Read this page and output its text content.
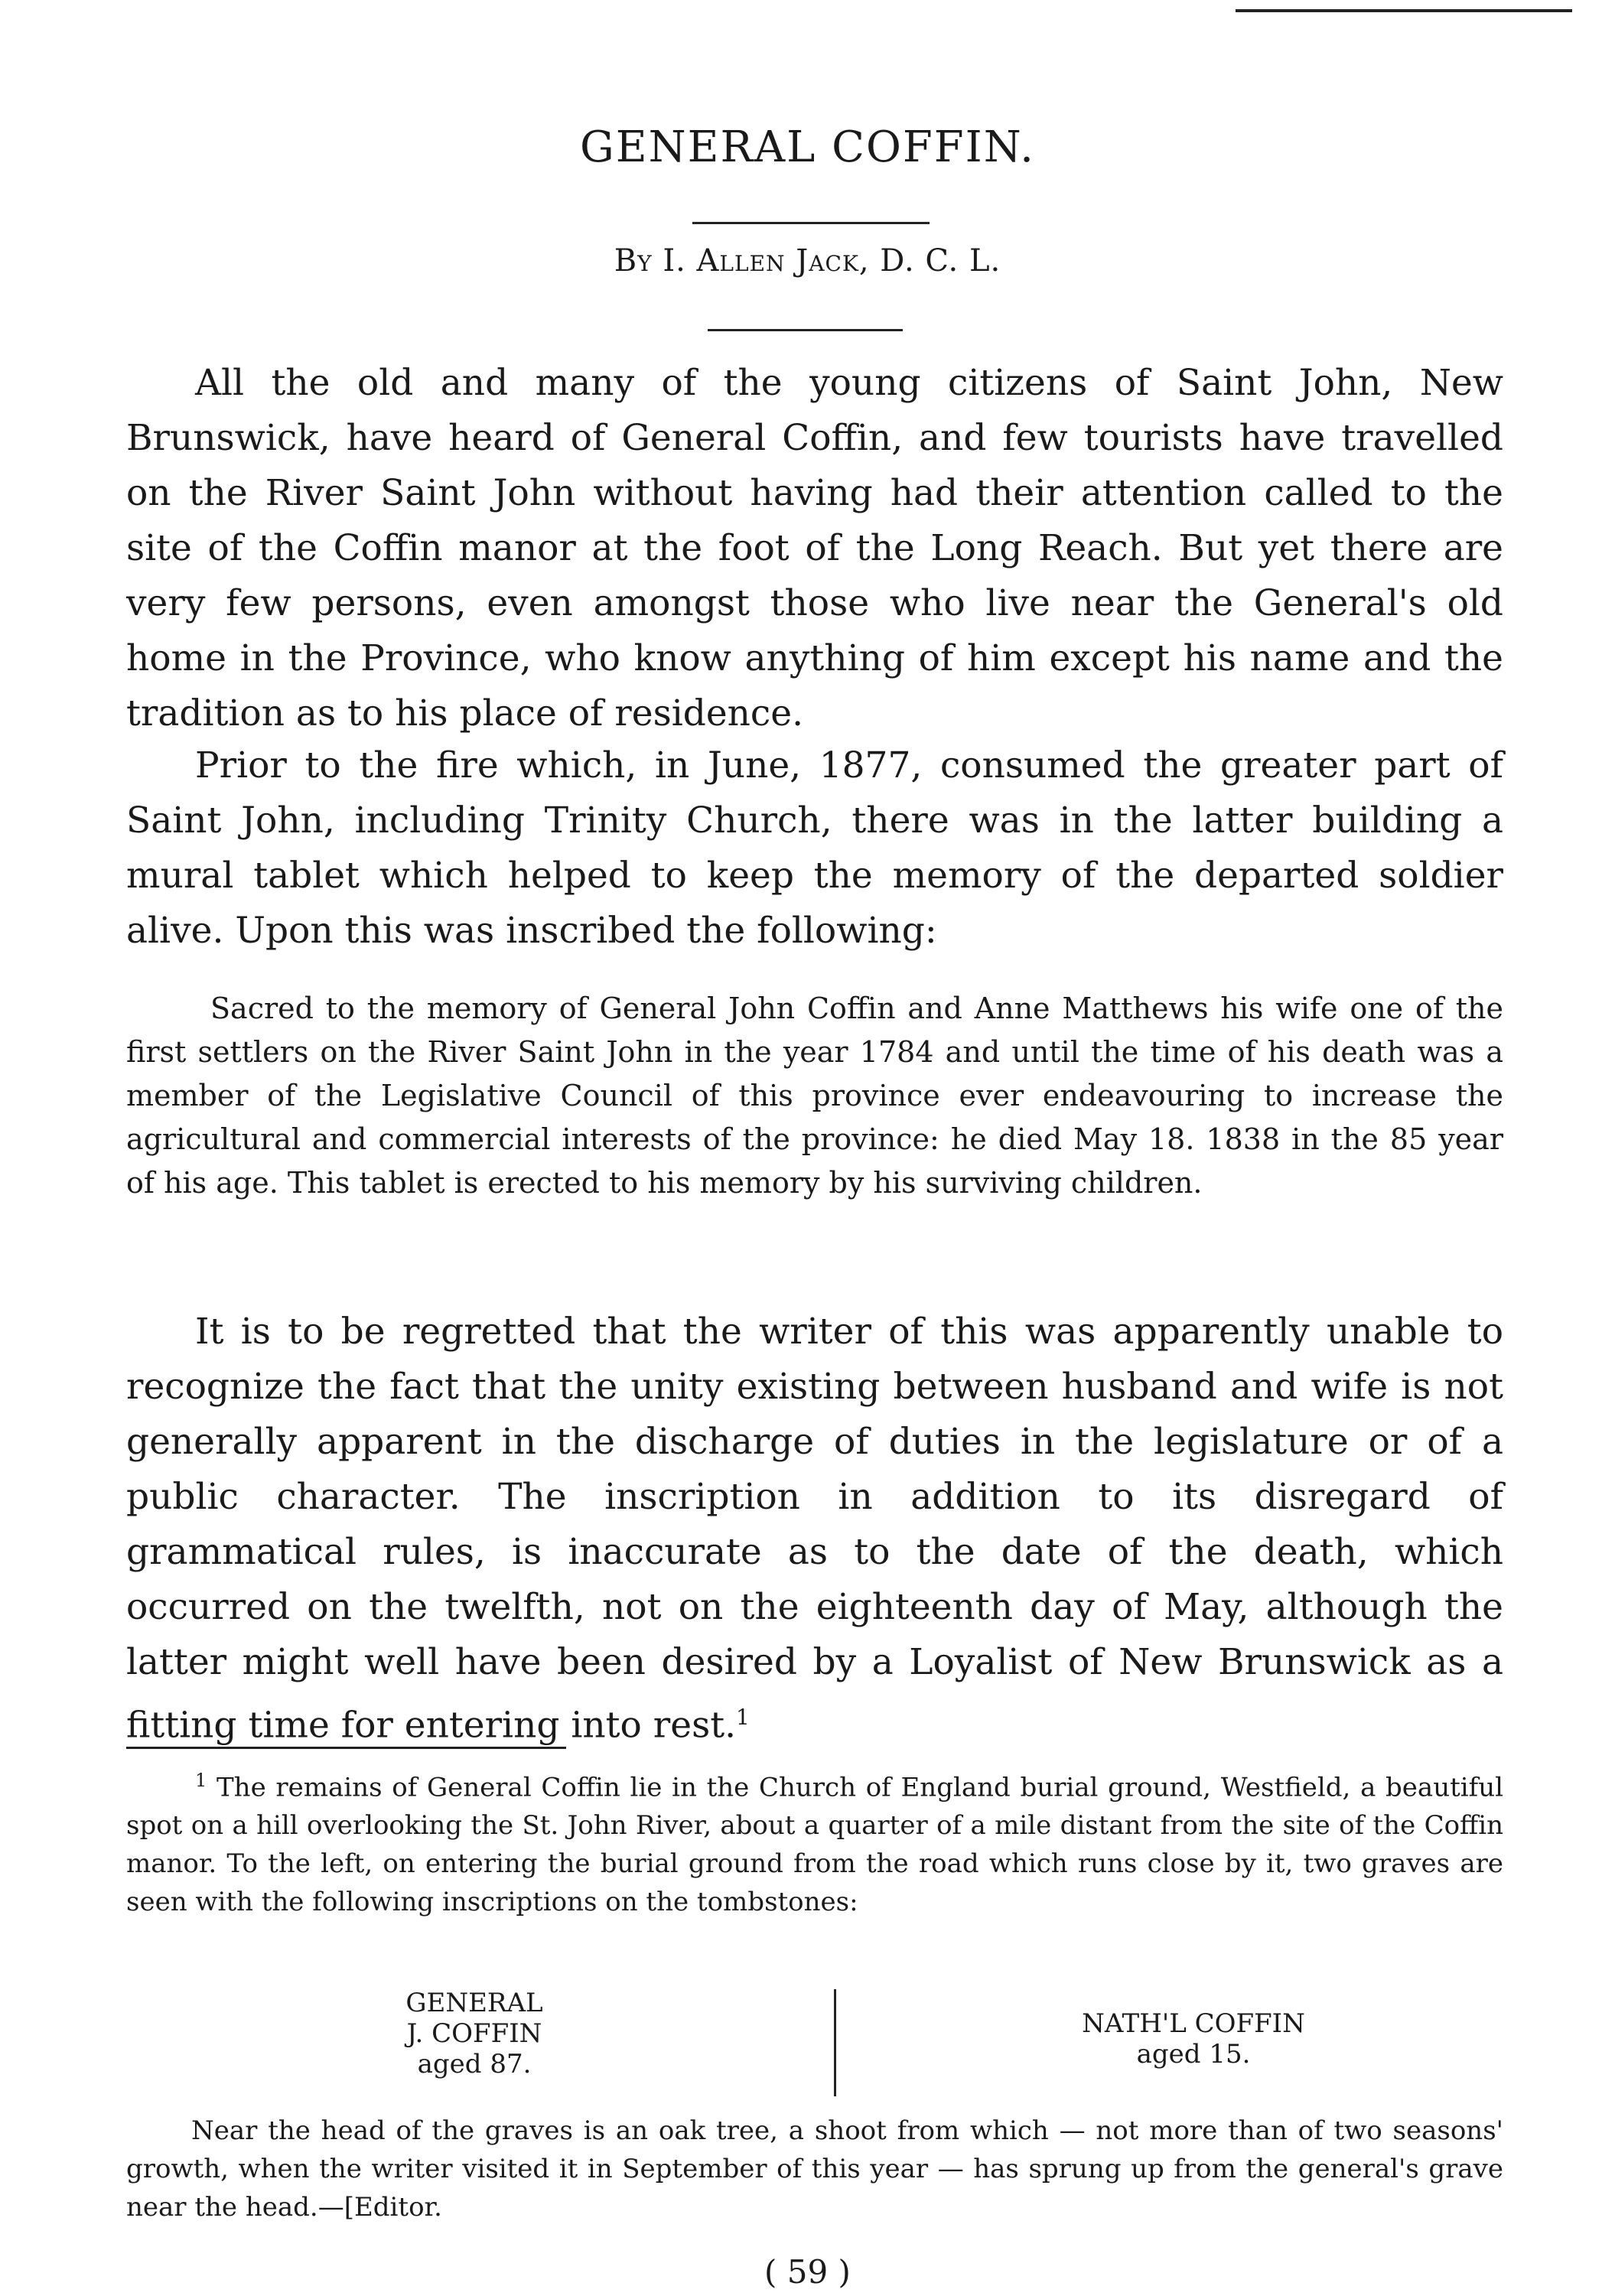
GENERAL COFFIN.
By I. Allen Jack, D. C. L.

All the old and many of the young citizens of Saint John, New Brunswick, have heard of General Coffin, and few tourists have travelled on the River Saint John without having had their attention called to the site of the Coffin manor at the foot of the Long Reach. But yet there are very few persons, even amongst those who live near the General's old home in the Province, who know anything of him except his name and the tradition as to his place of residence.

Prior to the fire which, in June, 1877, consumed the greater part of Saint John, including Trinity Church, there was in the latter building a mural tablet which helped to keep the memory of the departed soldier alive. Upon this was inscribed the following:

Sacred to the memory of General John Coffin and Anne Matthews his wife one of the first settlers on the River Saint John in the year 1784 and until the time of his death was a member of the Legislative Council of this province ever endeavouring to increase the agricultural and commercial interests of the province: he died May 18. 1838 in the 85 year of his age. This tablet is erected to his memory by his surviving children.

It is to be regretted that the writer of this was apparently unable to recognize the fact that the unity existing between husband and wife is not generally apparent in the discharge of duties in the legislature or of a public character. The inscription in addition to its disregard of grammatical rules, is inaccurate as to the date of the death, which occurred on the twelfth, not on the eighteenth day of May, although the latter might well have been desired by a Loyalist of New Brunswick as a fitting time for entering into rest.$^1$

$^1$ The remains of General Coffin lie in the Church of England burial ground, Westfield, a beautiful spot on a hill overlooking the St. John River, about a quarter of a mile distant from the site of the Coffin manor. To the left, on entering the burial ground from the road which runs close by it, two graves are seen with the following inscriptions on the tombstones:

GENERAL
J. COFFIN
aged 87.
NATH'L COFFIN
aged 15.

Near the head of the graves is an oak tree, a shoot from which — not more than of two seasons' growth, when the writer visited it in September of this year — has sprung up from the general's grave near the head.—[Editor.

( 59 )
